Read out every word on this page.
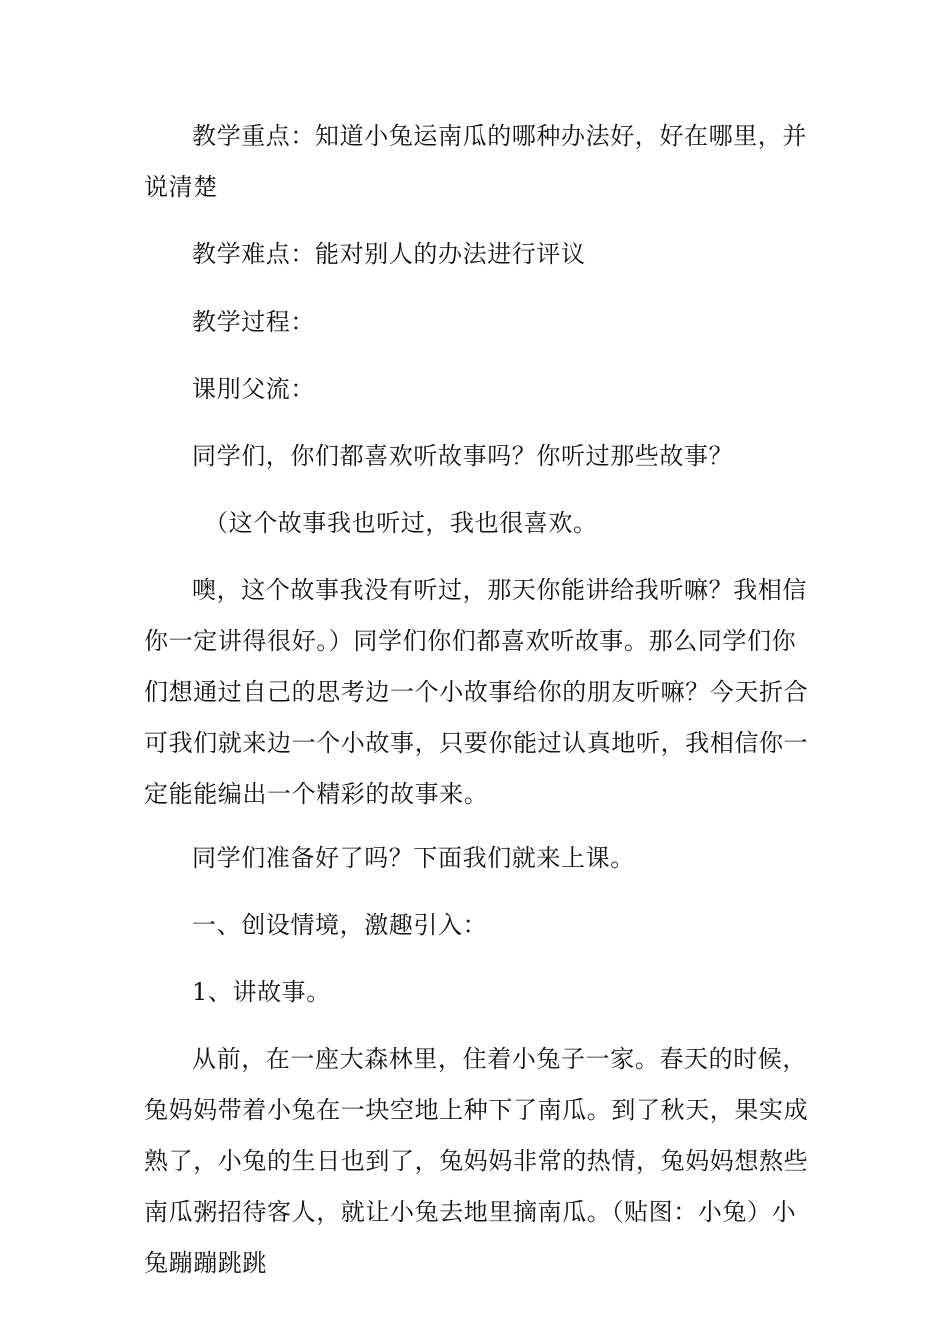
教学重点：知道小兔运南瓜的哪种办法好，好在哪里，并说清楚

教学难点：能对别人的办法进行评议

教学过程：

课刖父流：

同学们，你们都喜欢听故事吗？你听过那些故事？

（这个故事我也听过，我也很喜欢。

噢，这个故事我没有听过，那天你能讲给我听嘛？我相信你一定讲得很好。）同学们你们都喜欢听故事。那么同学们你们想通过自己的思考边一个小故事给你的朋友听嘛？今天折合可我们就来边一个小故事，只要你能过认真地听，我相信你一定能能编出一个精彩的故事来。

同学们准备好了吗？下面我们就来上课。

一、创设情境，激趣引入：

1、讲故事。

从前，在一座大森林里，住着小兔子一家。春天的时候，兔妈妈带着小兔在一块空地上种下了南瓜。到了秋天，果实成熟了，小兔的生日也到了，兔妈妈非常的热情，兔妈妈想熬些南瓜粥招待客人，就让小兔去地里摘南瓜。（贴图：小兔）小兔蹦蹦跳跳
